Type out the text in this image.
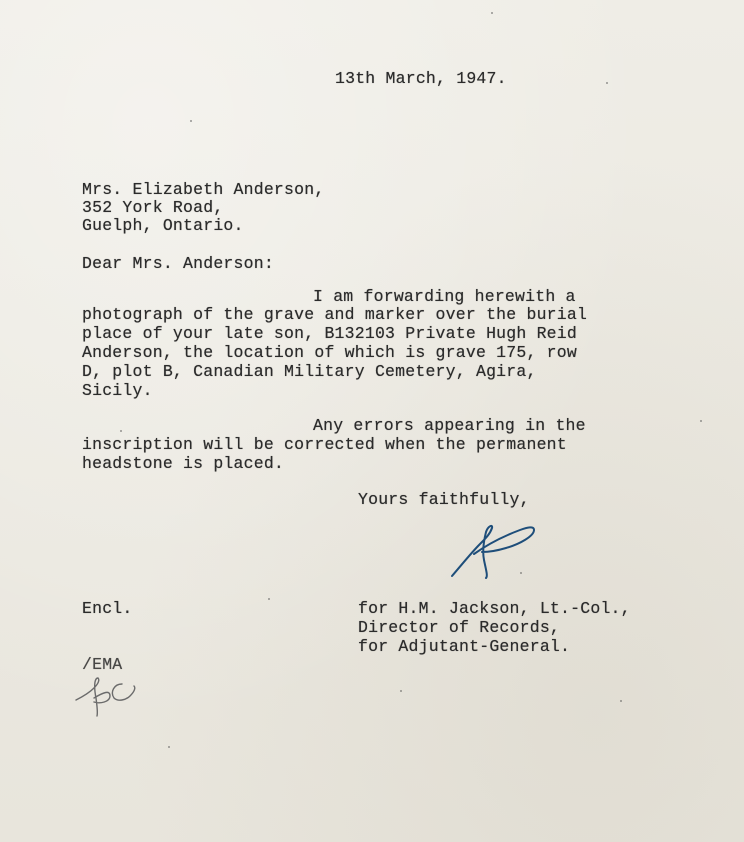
13th March, 1947.
Mrs. Elizabeth Anderson,
352 York Road,
Guelph, Ontario.
Dear Mrs. Anderson:
I am forwarding herewith a
photograph of the grave and marker over the burial
place of your late son, B132103 Private Hugh Reid
Anderson, the location of which is grave 175, row
D, plot B, Canadian Military Cemetery, Agira,
Sicily.
Any errors appearing in the
inscription will be corrected when the permanent
headstone is placed.
Yours faithfully,
Encl.	for H.M. Jackson, Lt.-Col.,
Director of Records,
for Adjutant-General.
/EMA
